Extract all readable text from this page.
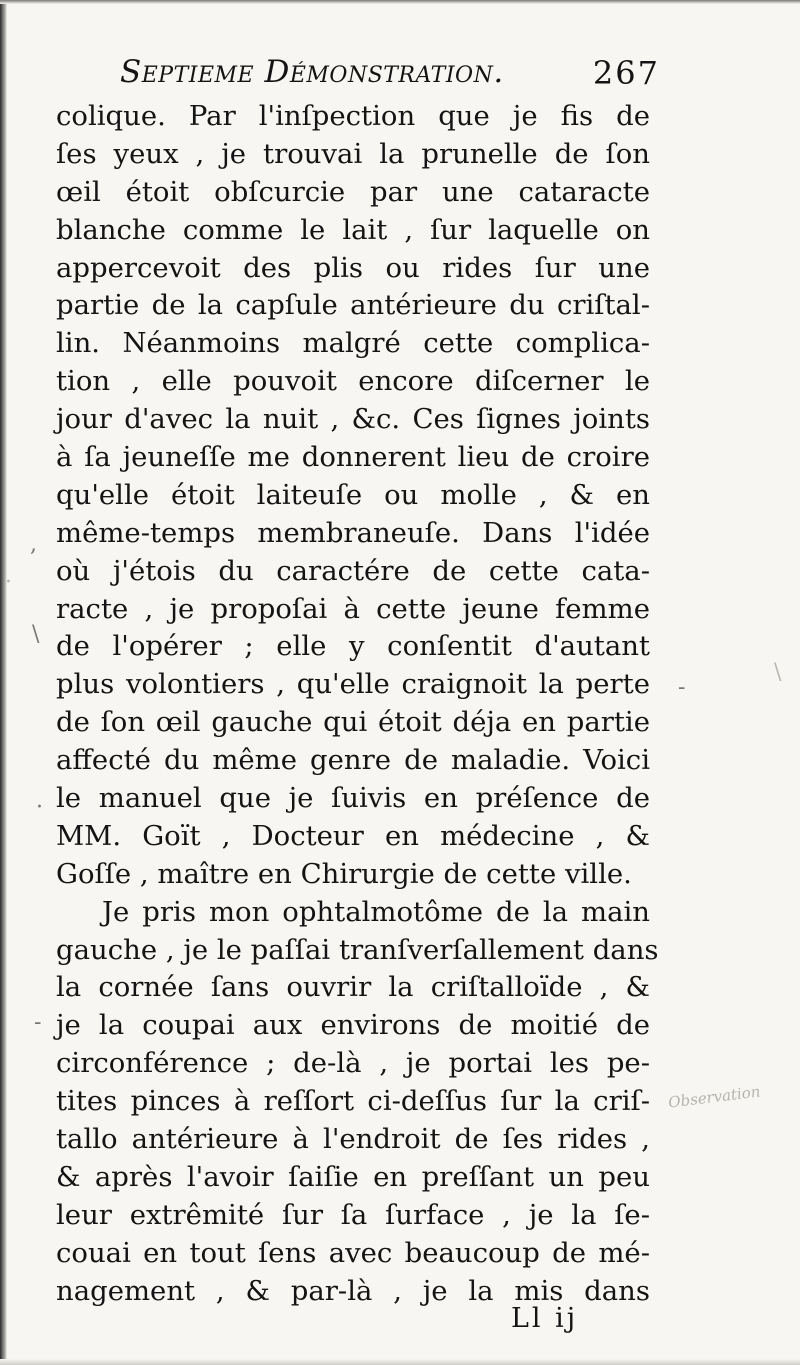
Septieme Démonstration.	267
colique. Par l'inſpection que je fis de
ſes yeux , je trouvai la prunelle de ſon
œil étoit obſcurcie par une cataracte
blanche comme le lait , ſur laquelle on
appercevoit des plis ou rides ſur une
partie de la capſule antérieure du criſtal-
lin. Néanmoins malgré cette complica-
tion , elle pouvoit encore diſcerner le
jour d'avec la nuit , &c. Ces ſignes joints
à ſa jeuneſſe me donnerent lieu de croire
qu'elle étoit laiteuſe ou molle , & en
même-temps membraneuſe. Dans l'idée
où j'étois du caractére de cette cata-
racte , je propoſai à cette jeune femme
de l'opérer ; elle y conſentit d'autant
plus volontiers , qu'elle craignoit la perte
de ſon œil gauche qui étoit déja en partie
affecté du même genre de maladie. Voici
le manuel que je ſuivis en préſence de
MM. Goït , Docteur en médecine , &
Goſſe , maître en Chirurgie de cette ville.
Je pris mon ophtalmotôme de la main
gauche , je le paſſai tranſverſallement dans
la cornée ſans ouvrir la criſtalloïde , &
je la coupai aux environs de moitié de
circonférence ; de-là , je portai les pe-
tites pinces à reſſort ci-deſſus ſur la criſ-
tallo antérieure à l'endroit de ſes rides ,
& après l'avoir ſaiſie en preſſant un peu
leur extrêmité ſur ſa ſurface , je la ſe-
couai en tout ſens avec beaucoup de mé-
nagement , & par-là , je la mis dans
Ll ij
Observation
,
\
·
-
-
\
·
